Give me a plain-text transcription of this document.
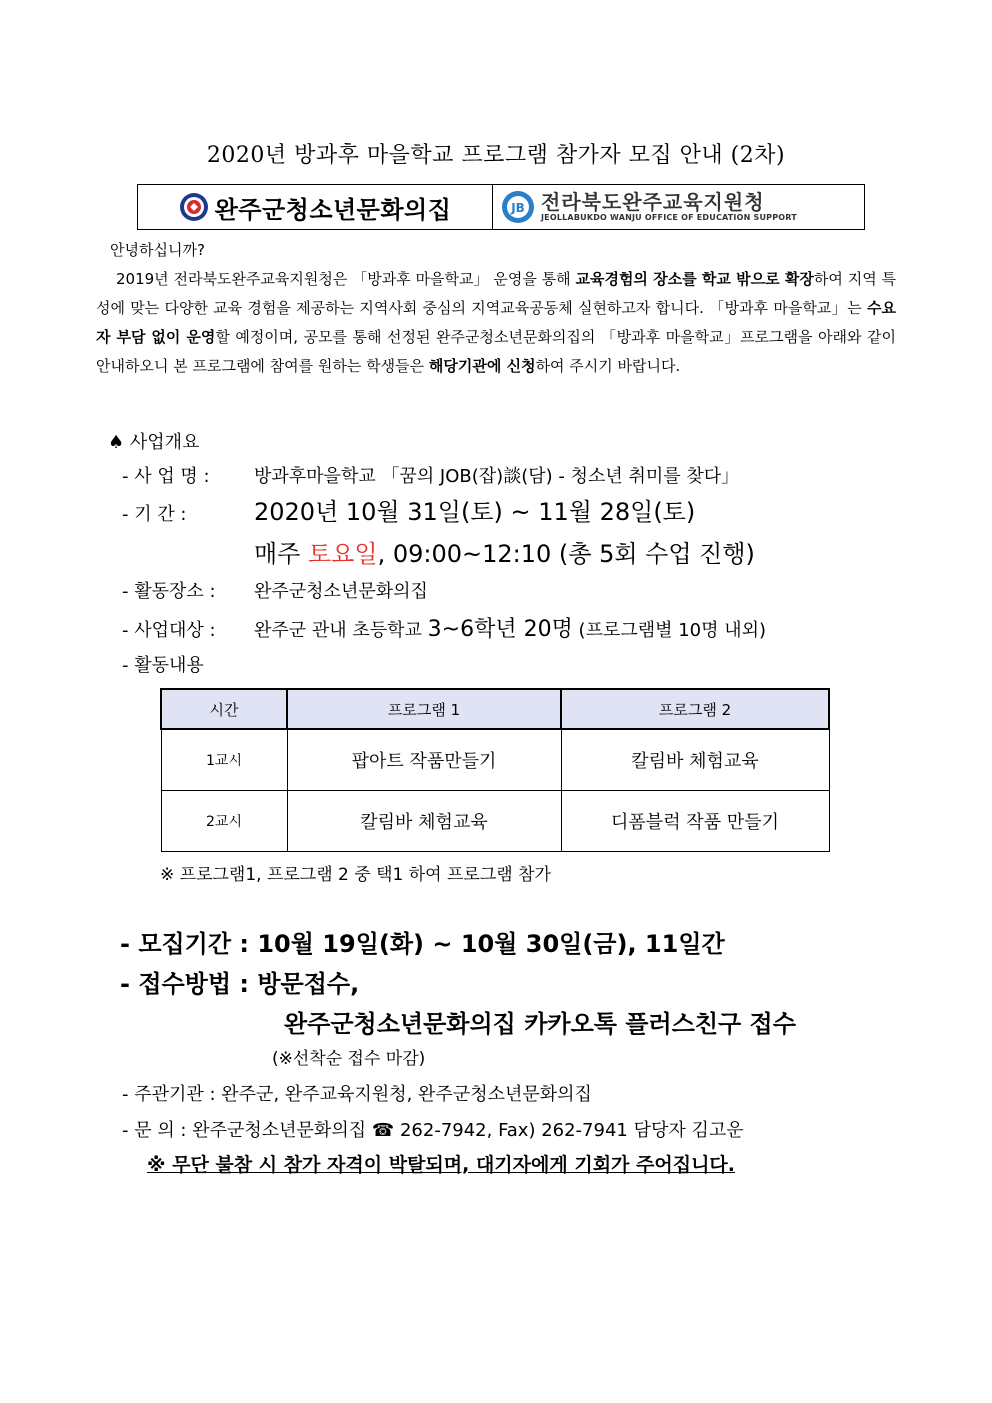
2020년 방과후 마을학교 프로그램 참가자 모집 안내 (2차)
완주군청소년문화의집	JB 전라북도완주교육지원청
JEOLLABUKDO WANJU OFFICE OF EDUCATION SUPPORT

안녕하십니까?

2019년 전라북도완주교육지원청은 「방과후 마을학교」 운영을 통해 교육경험의 장소를 학교 밖으로 확장하여 지역 특성에 맞는 다양한 교육 경험을 제공하는 지역사회 중심의 지역교육공동체 실현하고자 합니다. 「방과후 마을학교」는 수요자 부담 없이 운영할 예정이며, 공모를 통해 선정된 완주군청소년문화의집의 「방과후 마을학교」프로그램을 아래와 같이 안내하오니 본 프로그램에 참여를 원하는 학생들은 해당기관에 신청하여 주시기 바랍니다.

♠ 사업개요
- 사 업 명 : 방과후마을학교 「꿈의 JOB(잡)談(담) - 청소년 취미를 찾다」
- 기 간 :	2020년 10월 31일(토) ~ 11월 28일(토)
매주 토요일, 09:00~12:10 (총 5회 수업 진행)
- 활동장소 : 완주군청소년문화의집
- 사업대상 : 완주군 관내 초등학교 3~6학년 20명 (프로그램별 10명 내외)
- 활동내용
시간	프로그램 1	프로그램 2
1교시	팝아트 작품만들기	칼림바 체험교육
2교시	칼림바 체험교육	디폼블럭 작품 만들기
※ 프로그램1, 프로그램 2 중 택1 하여 프로그램 참가
- 모집기간 : 10월 19일(화) ~ 10월 30일(금), 11일간
- 접수방법 : 방문접수,
완주군청소년문화의집 카카오톡 플러스친구 접수
(※선착순 접수 마감)
- 주관기관 : 완주군, 완주교육지원청, 완주군청소년문화의집
- 문 의 : 완주군청소년문화의집 ☎ 262-7942, Fax) 262-7941 담당자 김고운
※ 무단 불참 시 참가 자격이 박탈되며, 대기자에게 기회가 주어집니다.
